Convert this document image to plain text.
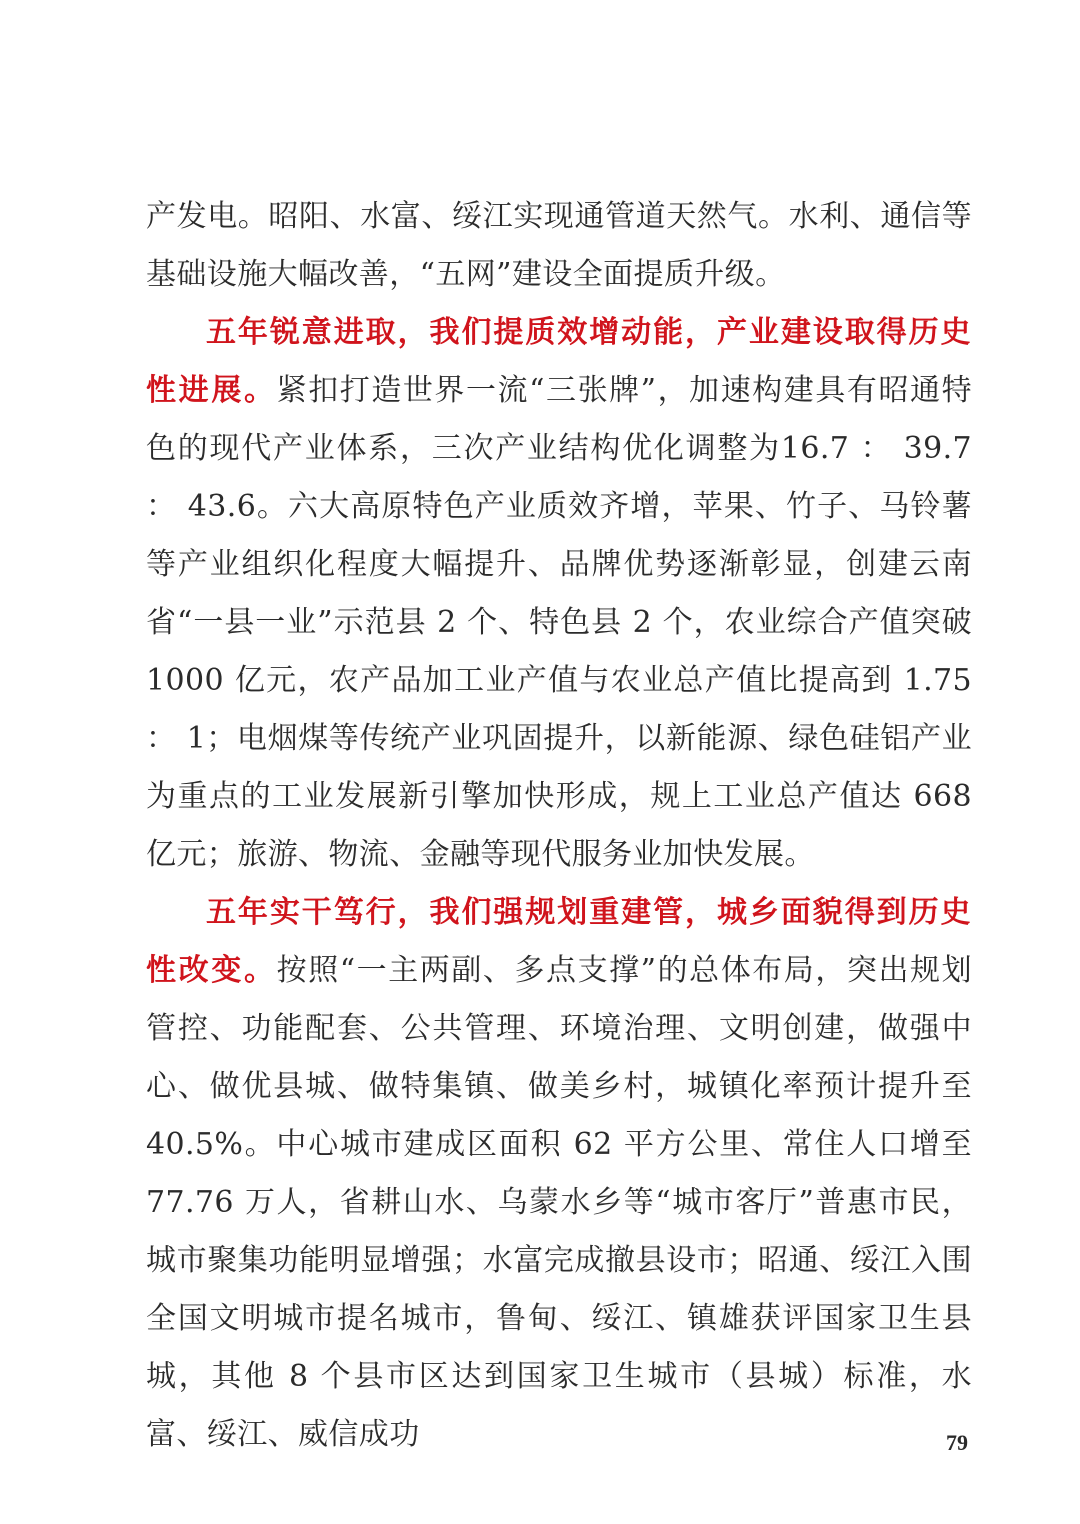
产发电。昭阳、水富、绥江实现通管道天然气。水利、通信等基础设施大幅改善，“五网”建设全面提质升级。

五年锐意进取，我们提质效增动能，产业建设取得历史性进展。紧扣打造世界一流“三张牌”，加速构建具有昭通特色的现代产业体系，三次产业结构优化调整为16.7 ： 39.7 ： 43.6。六大高原特色产业质效齐增，苹果、竹子、马铃薯等产业组织化程度大幅提升、品牌优势逐渐彰显，创建云南省“一县一业”示范县 2 个、特色县 2 个，农业综合产值突破 1000 亿元，农产品加工业产值与农业总产值比提高到 1.75 ： 1；电烟煤等传统产业巩固提升，以新能源、绿色硅铝产业为重点的工业发展新引擎加快形成，规上工业总产值达 668 亿元；旅游、物流、金融等现代服务业加快发展。

五年实干笃行，我们强规划重建管，城乡面貌得到历史性改变。按照“一主两副、多点支撑”的总体布局，突出规划管控、功能配套、公共管理、环境治理、文明创建，做强中心、做优县城、做特集镇、做美乡村，城镇化率预计提升至 40.5%。中心城市建成区面积 62 平方公里、常住人口增至 77.76 万人，省耕山水、乌蒙水乡等“城市客厅”普惠市民，城市聚集功能明显增强；水富完成撤县设市；昭通、绥江入围全国文明城市提名城市，鲁甸、绥江、镇雄获评国家卫生县城，其他 8 个县市区达到国家卫生城市（县城）标准，水富、绥江、威信成功	79
